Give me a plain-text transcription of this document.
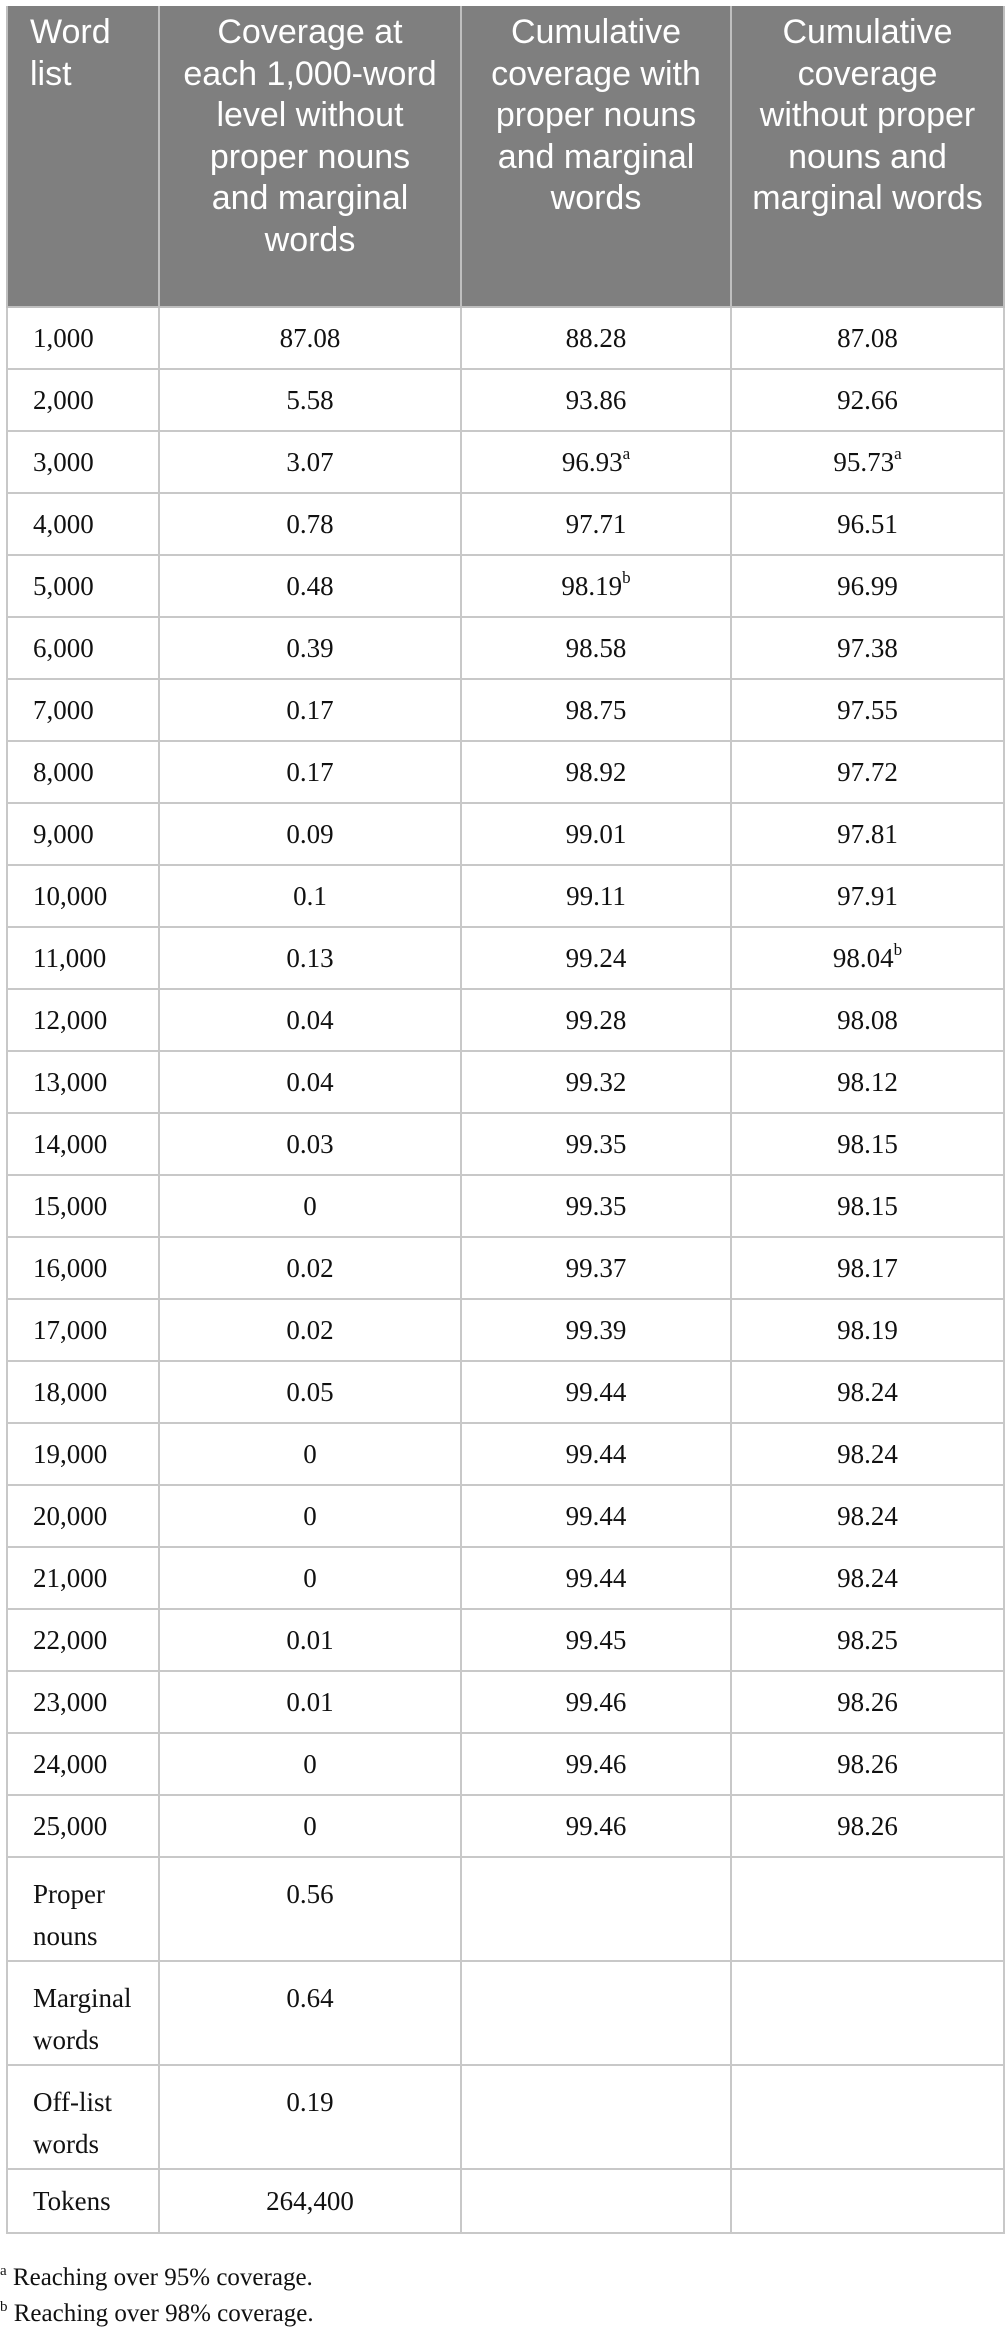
Word list	Coverage at each 1,000-word level without proper nouns and marginal words	Cumulative coverage with proper nouns and marginal words	Cumulative coverage without proper nouns and marginal words
1,000	87.08	88.28	87.08
2,000	5.58	93.86	92.66
3,000	3.07	96.93$^a$	95.73$^a$
4,000	0.78	97.71	96.51
5,000	0.48	98.19$^b$	96.99
6,000	0.39	98.58	97.38
7,000	0.17	98.75	97.55
8,000	0.17	98.92	97.72
9,000	0.09	99.01	97.81
10,000	0.1	99.11	97.91
11,000	0.13	99.24	98.04$^b$
12,000	0.04	99.28	98.08
13,000	0.04	99.32	98.12
14,000	0.03	99.35	98.15
15,000	0	99.35	98.15
16,000	0.02	99.37	98.17
17,000	0.02	99.39	98.19
18,000	0.05	99.44	98.24
19,000	0	99.44	98.24
20,000	0	99.44	98.24
21,000	0	99.44	98.24
22,000	0.01	99.45	98.25
23,000	0.01	99.46	98.26
24,000	0	99.46	98.26
25,000	0	99.46	98.26
Proper nouns	0.56		
Marginal words	0.64		
Off-list words	0.19		
Tokens	264,400		
$^a$ Reaching over 95% coverage.
$^b$ Reaching over 98% coverage.
